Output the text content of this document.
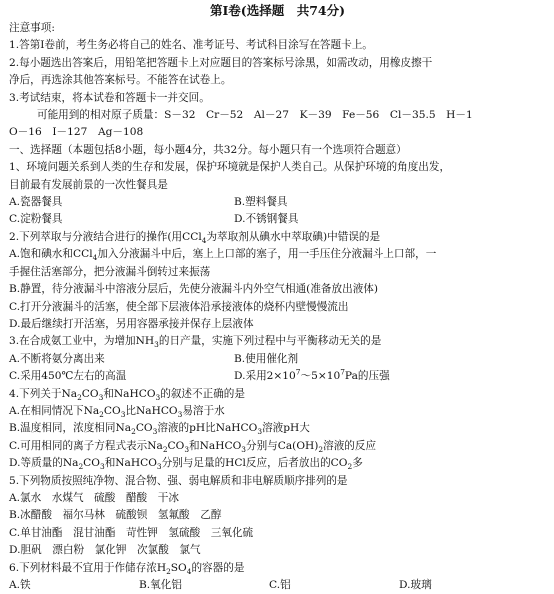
第Ⅰ卷(选择题　共74分)
注意事项:
1.答第Ⅰ卷前，考生务必将自己的姓名、准考证号、考试科目涂写在答题卡上。
2.每小题选出答案后，用铅笔把答题卡上对应题目的答案标号涂黑，如需改动，用橡皮擦干
净后，再选涂其他答案标号。不能答在试卷上。
3.考试结束，将本试卷和答题卡一并交回。
可能用到的相对原子质量：S－32　Cr－52　Al－27　K－39　Fe－56　Cl－35.5　H－1
O－16　I－127　Ag－108
一、选择题（本题包括8小题，每小题4分，共32分。每小题只有一个选项符合题意）
1、环境问题关系到人类的生存和发展，保护环境就是保护人类自己。从保护环境的角度出发，
目前最有发展前景的一次性餐具是
A.瓷器餐具	B.塑料餐具
C.淀粉餐具	D.不锈钢餐具
2.下列萃取与分液结合进行的操作(用CCl$_4$为萃取剂从碘水中萃取碘)中错误的是
A.饱和碘水和CCl$_4$加入分液漏斗中后，塞上上口部的塞子，用一手压住分液漏斗上口部，一
手握住活塞部分，把分液漏斗倒转过来振荡
B.静置，待分液漏斗中溶液分层后，先使分液漏斗内外空气相通(准备放出液体)
C.打开分液漏斗的活塞，使全部下层液体沿承接液体的烧杯内壁慢慢流出
D.最后继续打开活塞，另用容器承接并保存上层液体
3.在合成氨工业中，为增加$NH_3$的日产量，实施下列过程中与平衡移动无关的是
A.不断将氨分离出来	B.使用催化剂
C.采用450℃左右的高温	D.采用$2\times 10^7\sim 5\times 10^7Pa$的压强
4.下列关于$Na_2CO_3$和NaHCO$_3$的叙述不正确的是
A.在相同情况下$Na_2CO_3$比NaHCO$_3$易溶于水
B.温度相同，浓度相同$Na_2CO_3$溶液的pH比NaHCO$_3$溶液pH大
C.可用相同的离子方程式表示$Na_2CO_3$和NaHCO$_3$分别与$Ca(OH)_2$溶液的反应
D.等质量的$Na_2CO_3$和NaHCO$_3$分别与足量的HCl反应，后者放出的$CO_2$多
5.下列物质按照纯净物、混合物、强、弱电解质和非电解质顺序排列的是
A.氯水　水煤气　硫酸　醋酸　干冰
B.冰醋酸　福尔马林　硫酸钡　氢氟酸　乙醇
C.单甘油酯　混甘油酯　苛性钾　氢硫酸　三氧化硫
D.胆矾　漂白粉　氯化钾　次氯酸　氯气
6.下列材料最不宜用于作储存浓$H_2SO_4$的容器的是
A.铁	B.氧化铝	C.铝	D.玻璃
